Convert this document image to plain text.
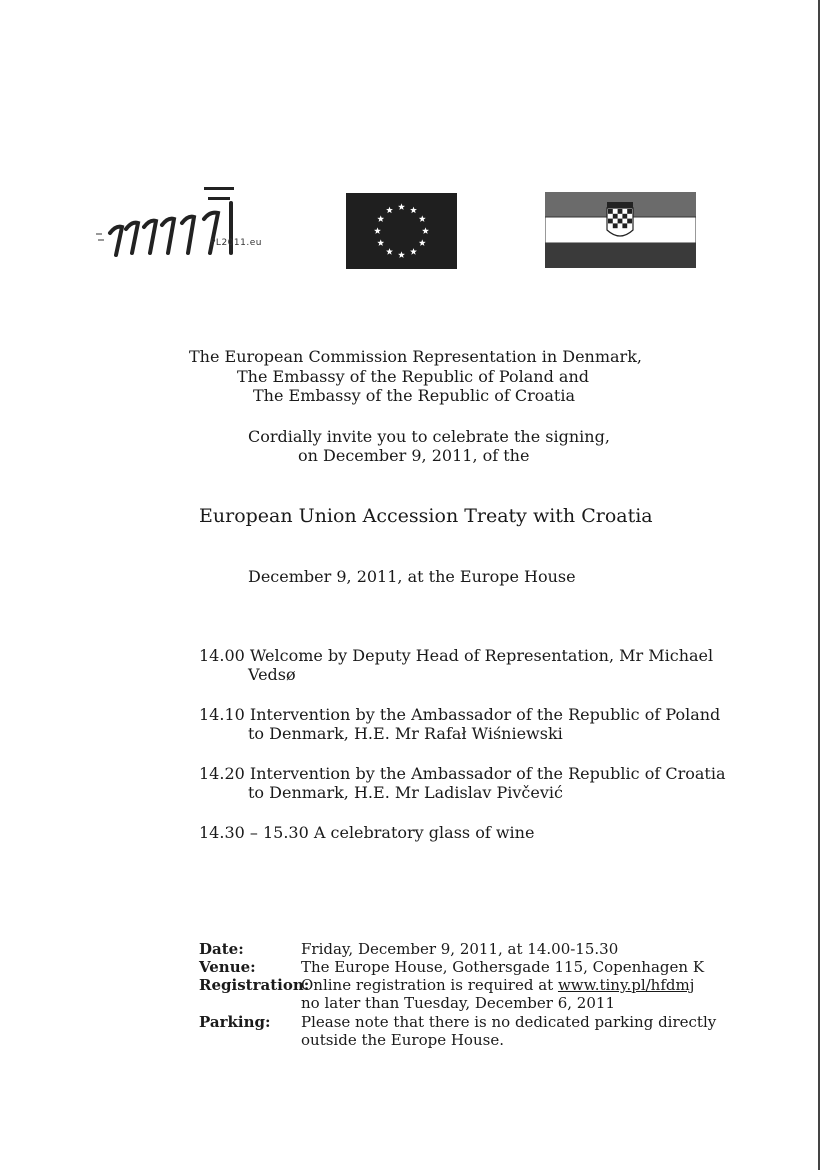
PL2011.eu
The European Commission Representation in Denmark,
The Embassy of the Republic of Poland and
The Embassy of the Republic of Croatia
Cordially invite you to celebrate the signing,
on December 9, 2011, of the
European Union Accession Treaty with Croatia
December 9, 2011, at the Europe House
14.00 Welcome by Deputy Head of Representation, Mr Michael
Vedsø
14.10 Intervention by the Ambassador of the Republic of Poland
to Denmark, H.E. Mr Rafał Wiśniewski
14.20 Intervention by the Ambassador of the Republic of Croatia
to Denmark, H.E. Mr Ladislav Pivčević
14.30 – 15.30 A celebratory glass of wine
Date:	Friday, December 9, 2011, at 14.00-15.30
Venue:	The Europe House, Gothersgade 115, Copenhagen K
Registration:
Online registration is required at www.tiny.pl/hfdmj
no later than Tuesday, December 6, 2011
Parking: Please note that there is no dedicated parking directly
outside the Europe House.
